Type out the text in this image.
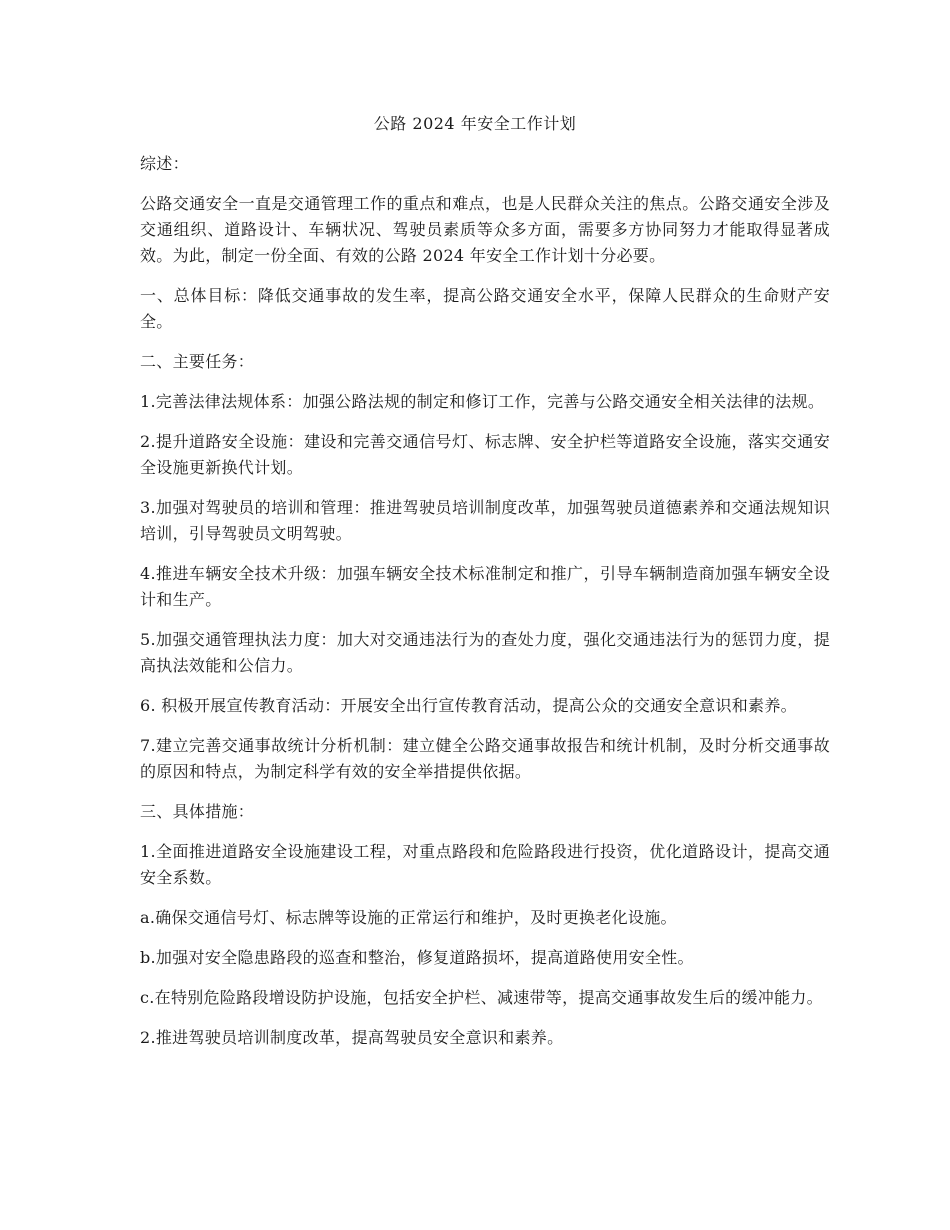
公路 2024 年安全工作计划

综述：

公路交通安全一直是交通管理工作的重点和难点，也是人民群众关注的焦点。公路交通安全涉及交通组织、道路设计、车辆状况、驾驶员素质等众多方面，需要多方协同努力才能取得显著成效。为此，制定一份全面、有效的公路 2024 年安全工作计划十分必要。

一、总体目标：降低交通事故的发生率，提高公路交通安全水平，保障人民群众的生命财产安全。

二、主要任务：

1.完善法律法规体系：加强公路法规的制定和修订工作，完善与公路交通安全相关法律的法规。

2.提升道路安全设施：建设和完善交通信号灯、标志牌、安全护栏等道路安全设施，落实交通安全设施更新换代计划。

3.加强对驾驶员的培训和管理：推进驾驶员培训制度改革，加强驾驶员道德素养和交通法规知识培训，引导驾驶员文明驾驶。

4.推进车辆安全技术升级：加强车辆安全技术标准制定和推广，引导车辆制造商加强车辆安全设计和生产。

5.加强交通管理执法力度：加大对交通违法行为的查处力度，强化交通违法行为的惩罚力度，提高执法效能和公信力。

6. 积极开展宣传教育活动：开展安全出行宣传教育活动，提高公众的交通安全意识和素养。

7.建立完善交通事故统计分析机制：建立健全公路交通事故报告和统计机制，及时分析交通事故的原因和特点，为制定科学有效的安全举措提供依据。

三、具体措施：

1.全面推进道路安全设施建设工程，对重点路段和危险路段进行投资，优化道路设计，提高交通安全系数。

a.确保交通信号灯、标志牌等设施的正常运行和维护，及时更换老化设施。

b.加强对安全隐患路段的巡查和整治，修复道路损坏，提高道路使用安全性。

c.在特别危险路段增设防护设施，包括安全护栏、减速带等，提高交通事故发生后的缓冲能力。

2.推进驾驶员培训制度改革，提高驾驶员安全意识和素养。
